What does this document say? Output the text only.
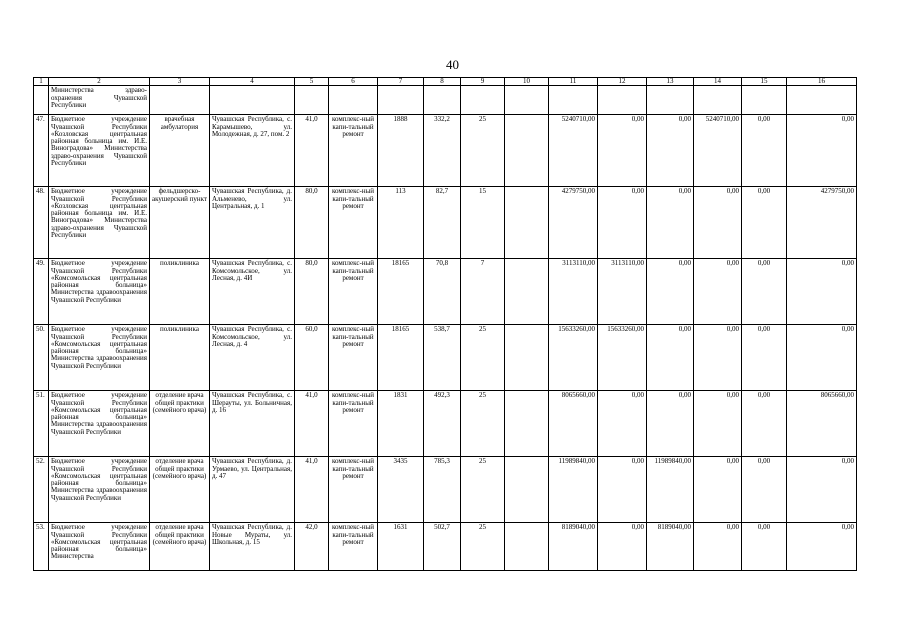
40
1	2	3	4	5	6	7	8	9	10	11	12	13	14	15	16
	Министерства здраво-охранения Чувашской Республики														
47.	Бюджетное учреждение Чувашской Республики «Козловская центральная районная больница им. И.Е. Виноградова» Министерства здраво-охранения Чувашской Республики	врачебная амбулатория	Чувашская Республика, с. Карамышево, ул. Молодежная, д. 27, пом. 2	41,0	комплекс-ный капи-тальный ремонт	1888	332,2	25		5240710,00	0,00	0,00	5240710,00	0,00	0,00
48.	Бюджетное учреждение Чувашской Республики «Козловская центральная районная больница им. И.Е. Виноградова» Министерства здраво-охранения Чувашской Республики	фельдшерско-акушерский пункт	Чувашская Республика, д. Альменево, ул. Центральная, д. 1	80,0	комплекс-ный капи-тальный ремонт	113	82,7	15		4279750,00	0,00	0,00	0,00	0,00	4279750,00
49.	Бюджетное учреждение Чувашской Республики «Комсомольская центральная районная больница» Министерства здравоохранения Чувашской Республики	поликлиника	Чувашская Республика, с. Комсомольское, ул. Лесная, д. 4И	80,0	комплекс-ный капи-тальный ремонт	18165	70,8	7		3113110,00	3113110,00	0,00	0,00	0,00	0,00
50.	Бюджетное учреждение Чувашской Республики «Комсомольская центральная районная больница» Министерства здравоохранения Чувашской Республики	поликлиника	Чувашская Республика, с. Комсомольское, ул. Лесная, д. 4	60,0	комплекс-ный капи-тальный ремонт	18165	538,7	25		15633260,00	15633260,00	0,00	0,00	0,00	0,00
51.	Бюджетное учреждение Чувашской Республики «Комсомольская центральная районная больница» Министерства здравоохранения Чувашской Республики	отделение врача общей практики (семейного врача)	Чувашская Республика, с. Шерауты, ул. Больничная, д. 16	41,0	комплекс-ный капи-тальный ремонт	1831	492,3	25		8065660,00	0,00	0,00	0,00	0,00	8065660,00
52.	Бюджетное учреждение Чувашской Республики «Комсомольская центральная районная больница» Министерства здравоохранения Чувашской Республики	отделение врача общей практики (семейного врача)	Чувашская Республика, д. Урмаево, ул. Центральная, д. 47	41,0	комплекс-ный капи-тальный ремонт	3435	785,3	25		11989840,00	0,00	11989840,00	0,00	0,00	0,00
53.	Бюджетное учреждение Чувашской Республики «Комсомольская центральная районная больница» Министерства	отделение врача общей практики (семейного врача)	Чувашская Республика, д. Новые Мураты, ул. Школьная, д. 15	42,0	комплекс-ный капи-тальный ремонт	1631	502,7	25		8189040,00	0,00	8189040,00	0,00	0,00	0,00
